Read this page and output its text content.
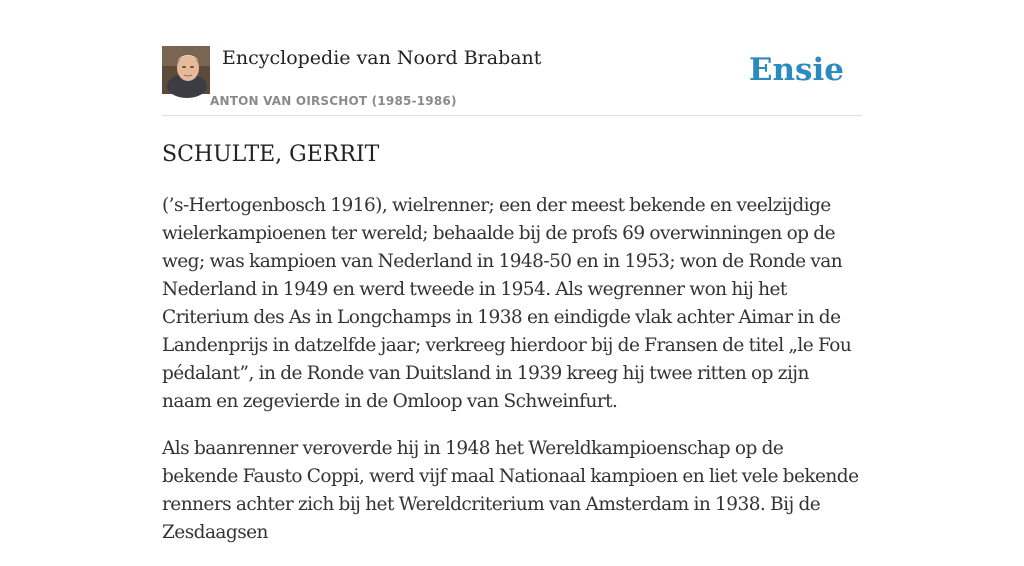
Encyclopedie van Noord Brabant
ANTON VAN OIRSCHOT (1985-1986)
Ensie
SCHULTE, GERRIT

(’s-Hertogenbosch 1916), wielrenner; een der meest bekende en veelzijdige wielerkampioenen ter wereld; behaalde bij de profs 69 overwinningen op de weg; was kampioen van Nederland in 1948-50 en in 1953; won de Ronde van Nederland in 1949 en werd tweede in 1954. Als wegrenner won hij het Criterium des As in Longchamps in 1938 en eindigde vlak achter Aimar in de Landenprijs in datzelfde jaar; verkreeg hierdoor bij de Fransen de titel „le Fou pédalant”, in de Ronde van Duitsland in 1939 kreeg hij twee ritten op zijn naam en zegevierde in de Omloop van Schweinfurt.

Als baanrenner veroverde hij in 1948 het Wereldkampioenschap op de bekende Fausto Coppi, werd vijf maal Nationaal kampioen en liet vele bekende renners achter zich bij het Wereldcriterium van Amsterdam in 1938. Bij de Zesdaagsen
